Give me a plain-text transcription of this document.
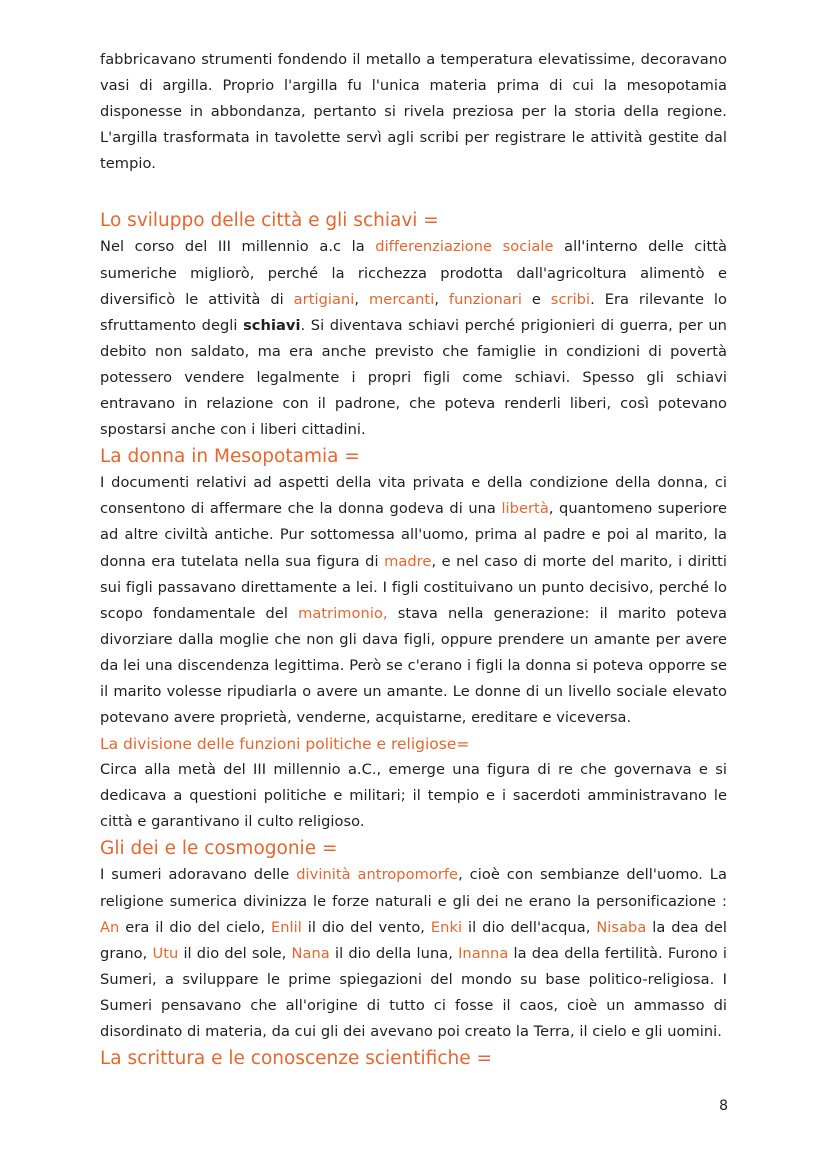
fabbricavano strumenti fondendo il metallo a temperatura elevatissime, decoravano vasi di argilla. Proprio l'argilla fu l'unica materia prima di cui la mesopotamia disponesse in abbondanza, pertanto si rivela preziosa per la storia della regione. L'argilla trasformata in tavolette servì agli scribi per registrare le attività gestite dal tempio.

Lo sviluppo delle città e gli schiavi =

Nel corso del III millennio a.c la differenziazione sociale all'interno delle città sumeriche migliorò, perché la ricchezza prodotta dall'agricoltura alimentò e diversificò le attività di artigiani, mercanti, funzionari e scribi. Era rilevante lo sfruttamento degli schiavi. Si diventava schiavi perché prigionieri di guerra, per un debito non saldato, ma era anche previsto che famiglie in condizioni di povertà potessero vendere legalmente i propri figli come schiavi. Spesso gli schiavi entravano in relazione con il padrone, che poteva renderli liberi, così potevano spostarsi anche con i liberi cittadini.

La donna in Mesopotamia =

I documenti relativi ad aspetti della vita privata e della condizione della donna, ci consentono di affermare che la donna godeva di una libertà, quantomeno superiore ad altre civiltà antiche. Pur sottomessa all'uomo, prima al padre e poi al marito, la donna era tutelata nella sua figura di madre, e nel caso di morte del marito, i diritti sui figli passavano direttamente a lei. I figli costituivano un punto decisivo, perché lo scopo fondamentale del matrimonio, stava nella generazione: il marito poteva divorziare dalla moglie che non gli dava figli, oppure prendere un amante per avere da lei una discendenza legittima. Però se c'erano i figli la donna si poteva opporre se il marito volesse ripudiarla o avere un amante. Le donne di un livello sociale elevato potevano avere proprietà, venderne, acquistarne, ereditare e viceversa.

La divisione delle funzioni politiche e religiose=

Circa alla metà del III millennio a.C., emerge una figura di re che governava e si dedicava a questioni politiche e militari; il tempio e i sacerdoti amministravano le città e garantivano il culto religioso.

Gli dei e le cosmogonie =

I sumeri adoravano delle divinità antropomorfe, cioè con sembianze dell'uomo. La religione sumerica divinizza le forze naturali e gli dei ne erano la personificazione : An era il dio del cielo, Enlil il dio del vento, Enki il dio dell'acqua, Nisaba la dea del grano, Utu il dio del sole, Nana il dio della luna, Inanna la dea della fertilità. Furono i Sumeri, a sviluppare le prime spiegazioni del mondo su base politico-religiosa. I Sumeri pensavano che all'origine di tutto ci fosse il caos, cioè un ammasso di disordinato di materia, da cui gli dei avevano poi creato la Terra, il cielo e gli uomini.

La scrittura e le conoscenze scientifiche =
8
